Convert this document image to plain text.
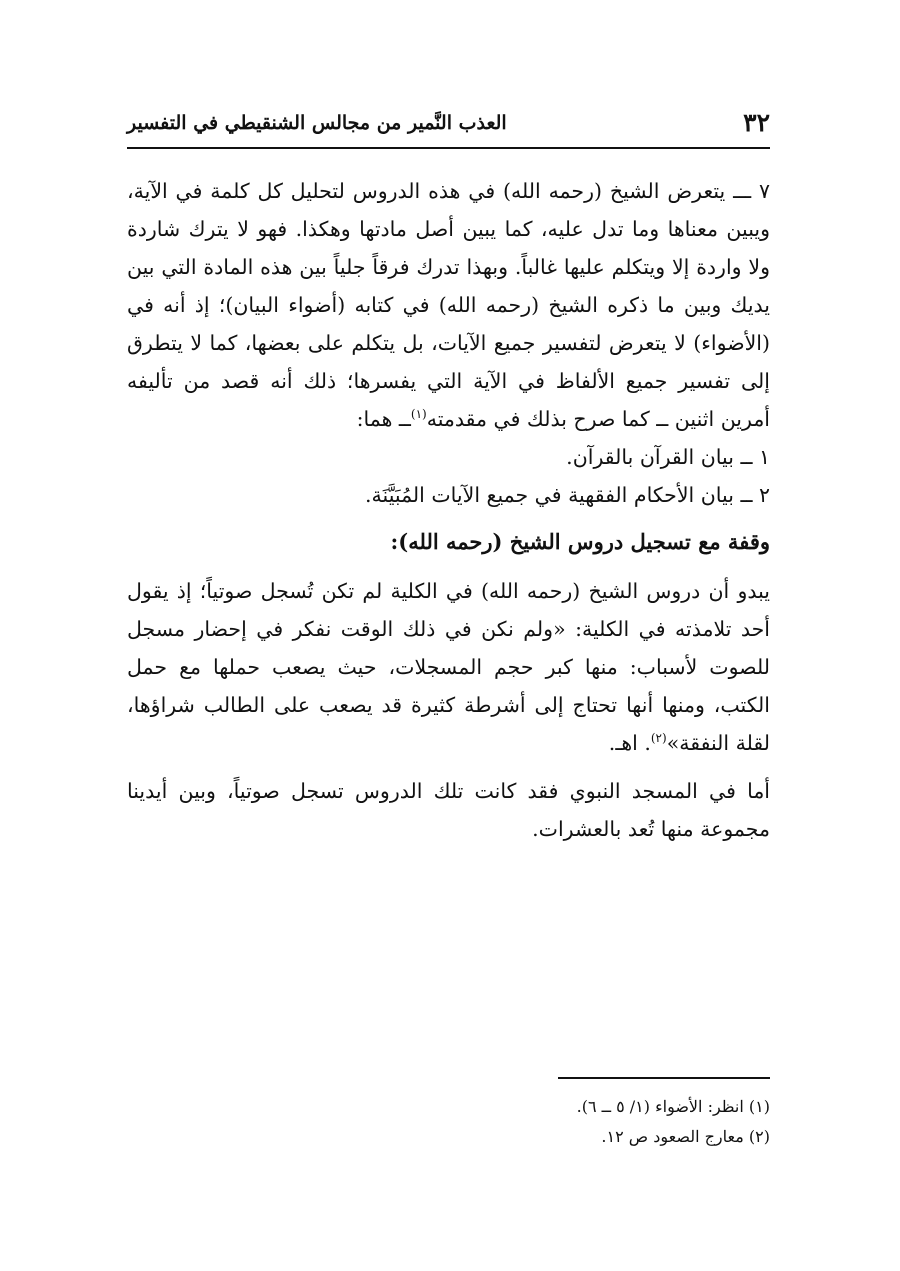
٣٢
العذب النَّمير من مجالس الشنقيطي في التفسير

٧ ـــ يتعرض الشيخ (رحمه الله) في هذه الدروس لتحليل كل كلمة في الآية، ويبين معناها وما تدل عليه، كما يبين أصل مادتها وهكذا. فهو لا يترك شاردة ولا واردة إلا ويتكلم عليها غالباً. وبهذا تدرك فرقاً جلياً بين هذه المادة التي بين يديك وبين ما ذكره الشيخ (رحمه الله) في كتابه (أضواء البيان)؛ إذ أنه في (الأضواء) لا يتعرض لتفسير جميع الآيات، بل يتكلم على بعضها، كما لا يتطرق إلى تفسير جميع الألفاظ في الآية التي يفسرها؛ ذلك أنه قصد من تأليفه أمرين اثنين ــ كما صرح بذلك في مقدمته$^{(١)}$ــ هما:

١ ــ بيان القرآن بالقرآن.
٢ ــ بيان الأحكام الفقهية في جميع الآيات المُبَيَّنَة.
وقفة مع تسجيل دروس الشيخ (رحمه الله):

يبدو أن دروس الشيخ (رحمه الله) في الكلية لم تكن تُسجل صوتياً؛ إذ يقول أحد تلامذته في الكلية: «ولم نكن في ذلك الوقت نفكر في إحضار مسجل للصوت لأسباب: منها كبر حجم المسجلات، حيث يصعب حملها مع حمل الكتب، ومنها أنها تحتاج إلى أشرطة كثيرة قد يصعب على الطالب شراؤها، لقلة النفقة»$^{(٢)}$. اهـ.

أما في المسجد النبوي فقد كانت تلك الدروس تسجل صوتياً، وبين أيدينا مجموعة منها تُعد بالعشرات.

(١) انظر: الأضواء (١/ ٥ ــ ٦).

(٢) معارج الصعود ص ١٢.
